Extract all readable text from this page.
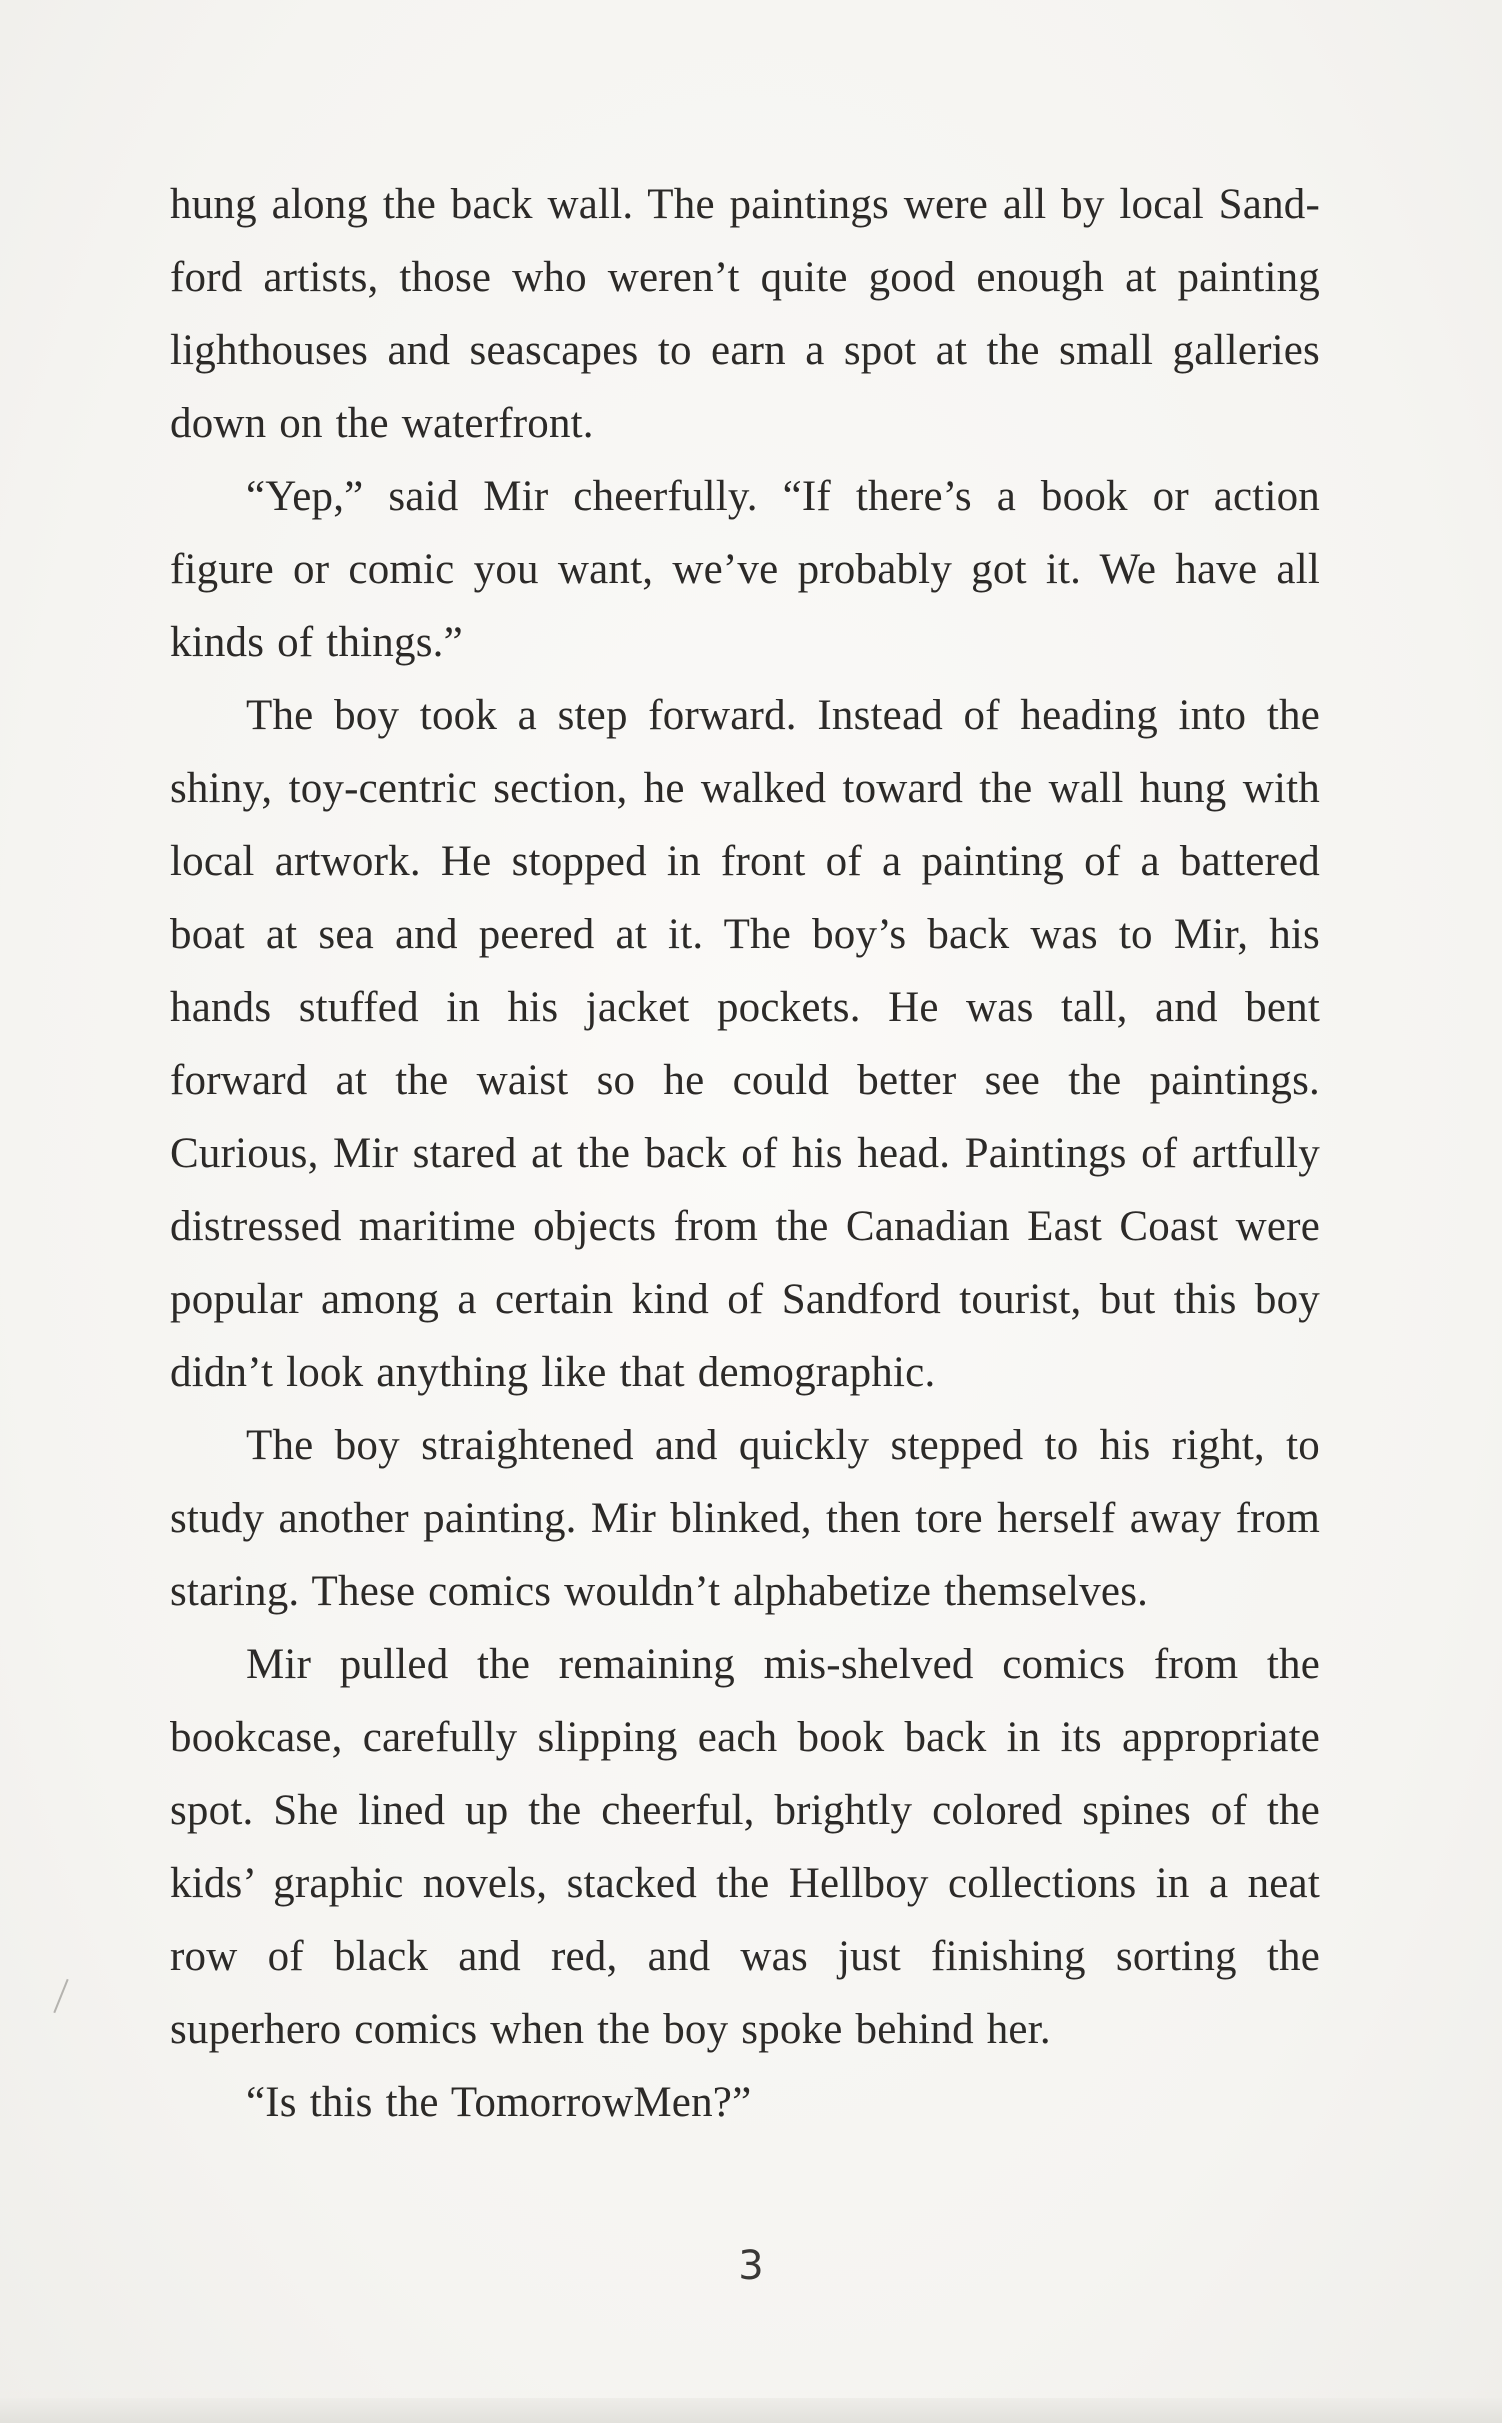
hung along the back wall. The paintings were all by local Sand-ford artists, those who weren’t quite good enough at painting lighthouses and seascapes to earn a spot at the small galleries down on the waterfront.

“Yep,” said Mir cheerfully. “If there’s a book or action figure or comic you want, we’ve probably got it. We have all kinds of things.”

The boy took a step forward. Instead of heading into the shiny, toy-centric section, he walked toward the wall hung with local artwork. He stopped in front of a painting of a battered boat at sea and peered at it. The boy’s back was to Mir, his hands stuffed in his jacket pockets. He was tall, and bent forward at the waist so he could better see the paintings. Curious, Mir stared at the back of his head. Paintings of artfully distressed maritime objects from the Canadian East Coast were popular among a certain kind of Sandford tourist, but this boy didn’t look anything like that demographic.

The boy straightened and quickly stepped to his right, to study another painting. Mir blinked, then tore herself away from staring. These comics wouldn’t alphabetize themselves.

Mir pulled the remaining mis-shelved comics from the bookcase, carefully slipping each book back in its appropriate spot. She lined up the cheerful, brightly colored spines of the kids’ graphic novels, stacked the Hellboy collections in a neat row of black and red, and was just finishing sorting the superhero comics when the boy spoke behind her.

“Is this the TomorrowMen?”

3
